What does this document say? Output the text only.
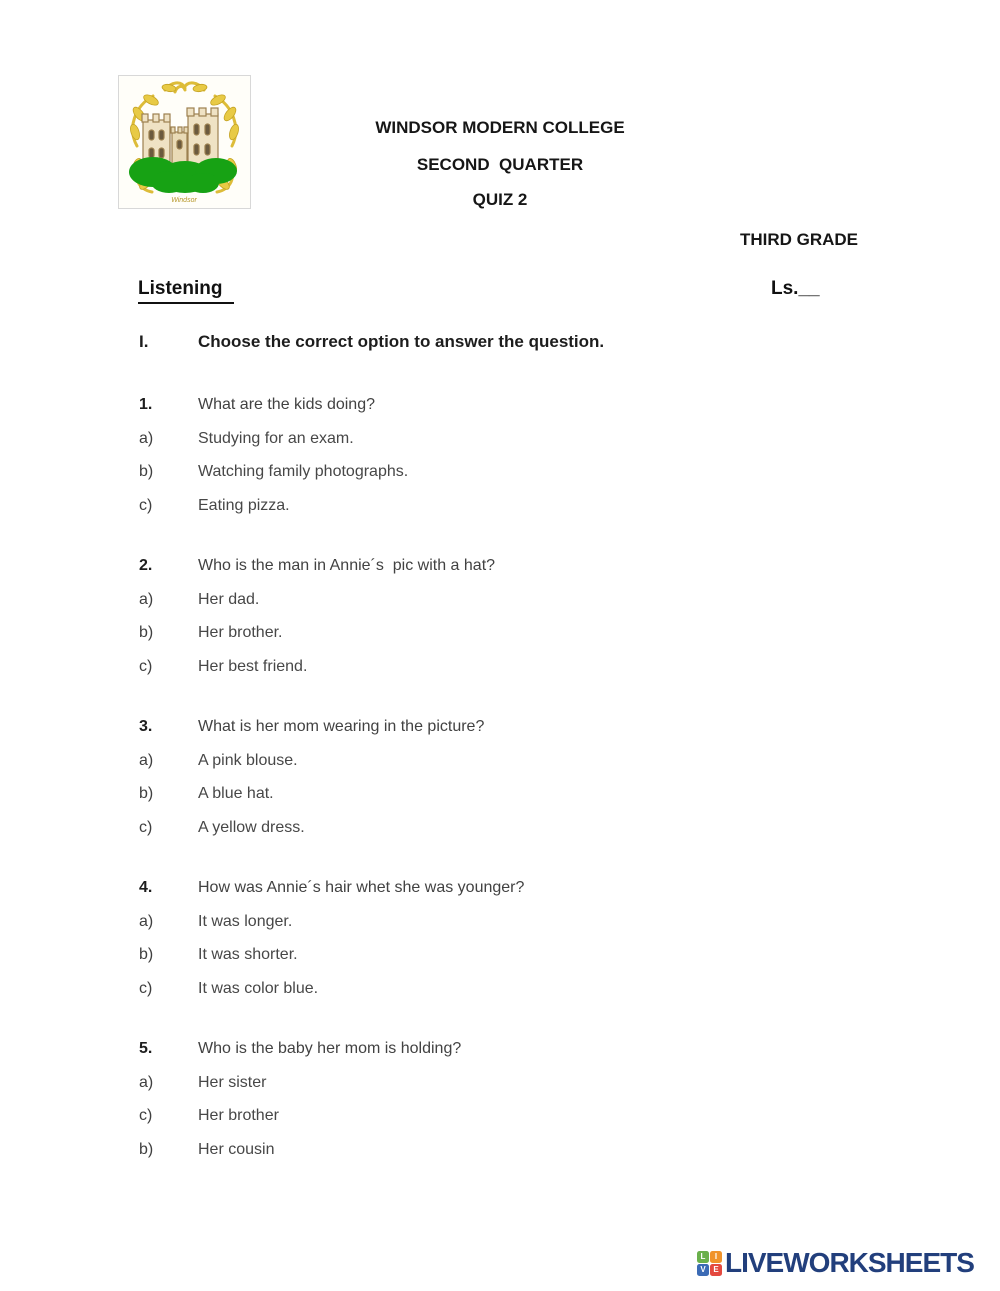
Windsor
WINDSOR MODERN COLLEGE
SECOND  QUARTER
QUIZ 2
THIRD GRADE
Listening	Ls.__
I.	Choose the correct option to answer the question.
1.	What are the kids doing?
a)	Studying for an exam.
b)	Watching family photographs.
c)	Eating pizza.
2.	Who is the man in Annie´s  pic with a hat?
a)	Her dad.
b)	Her brother.
c)	Her best friend.
3.	What is her mom wearing in the picture?
a)	A pink blouse.
b)	A blue hat.
c)	A yellow dress.
4.	How was Annie´s hair whet she was younger?
a)	It was longer.
b)	It was shorter.
c)	It was color blue.
5.	Who is the baby her mom is holding?
a)	Her sister
c)	Her brother
b)	Her cousin
L	I
V E LIVEWORKSHEETS
